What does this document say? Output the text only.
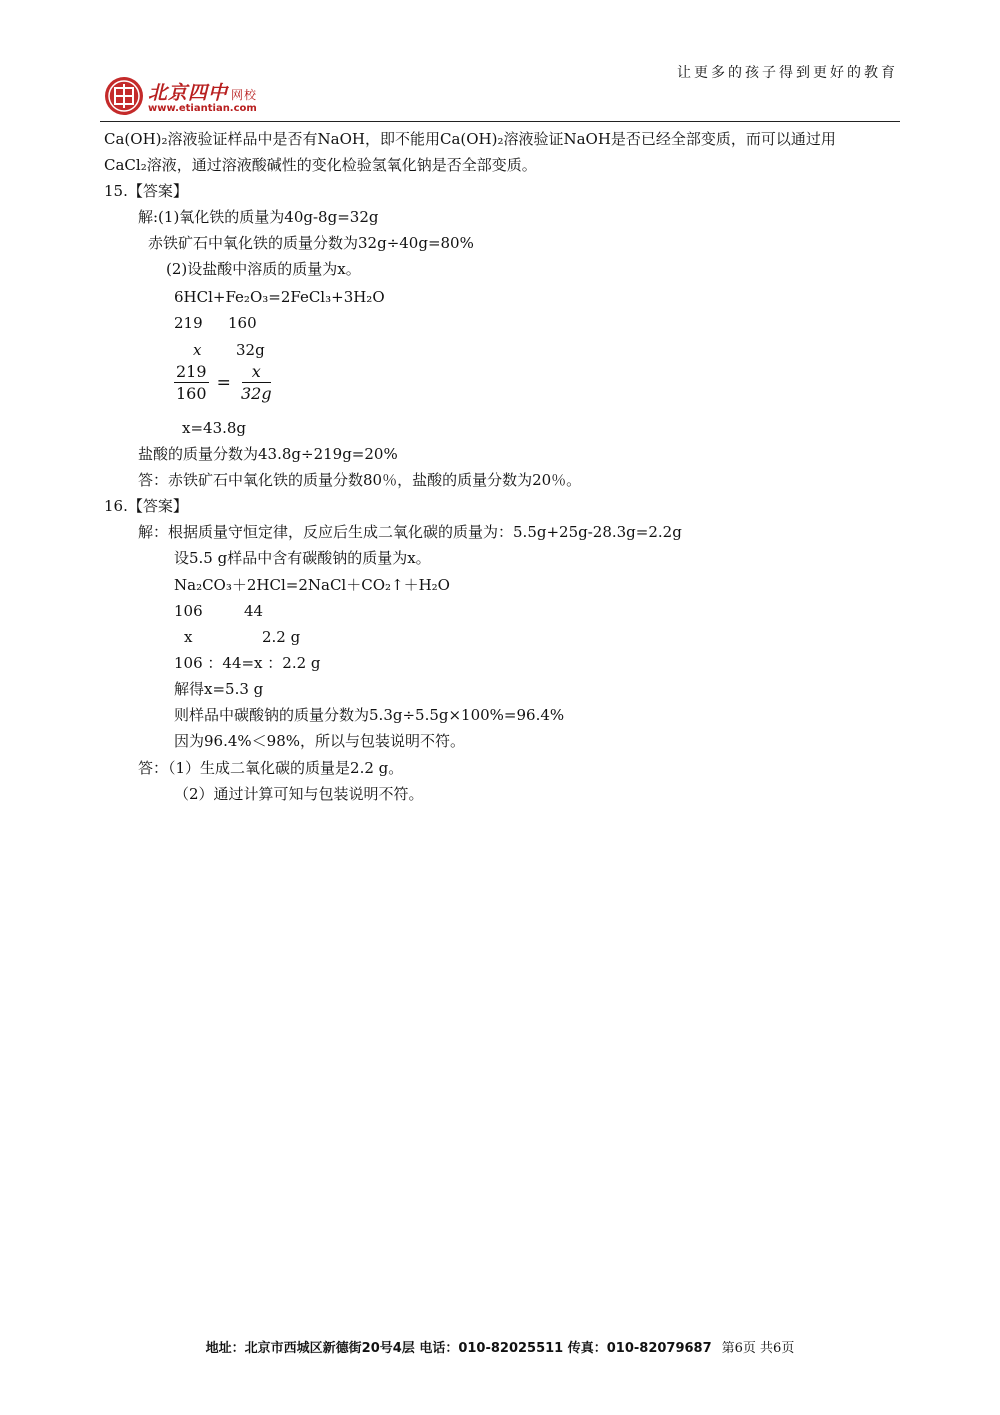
让更多的孩子得到更好的教育
北京四中 网校
www.etiantian.com
Ca(OH)₂溶液验证样品中是否有NaOH，即不能用Ca(OH)₂溶液验证NaOH是否已经全部变质，而可以通过用
CaCl₂溶液，通过溶液酸碱性的变化检验氢氧化钠是否全部变质。
15.【答案】
解:(1)氧化铁的质量为40g-8g=32g
赤铁矿石中氧化铁的质量分数为32g÷40g=80%
(2)设盐酸中溶质的质量为x。
6HCl+Fe₂O₃=2FeCl₃+3H₂O
219 160
x 32g
$\frac{219}{160} = \frac{x}{32g}$
x=43.8g
盐酸的质量分数为43.8g÷219g=20%
答：赤铁矿石中氧化铁的质量分数80％，盐酸的质量分数为20％。
16.【答案】
解：根据质量守恒定律，反应后生成二氧化碳的质量为：5.5g+25g-28.3g=2.2g
设5.5 g样品中含有碳酸钠的质量为x。
Na₂CO₃＋2HCl=2NaCl＋CO₂↑＋H₂O
106	44
x	2.2 g
106 ：44=x ：2.2 g
解得x=5.3 g
则样品中碳酸钠的质量分数为5.3g÷5.5g×100%=96.4%
因为96.4%＜98%，所以与包装说明不符。
答：（1）生成二氧化碳的质量是2.2 g。
（2）通过计算可知与包装说明不符。
地址：北京市西城区新德街20号4层 电话：010-82025511 传真：010-82079687 第6页 共6页
